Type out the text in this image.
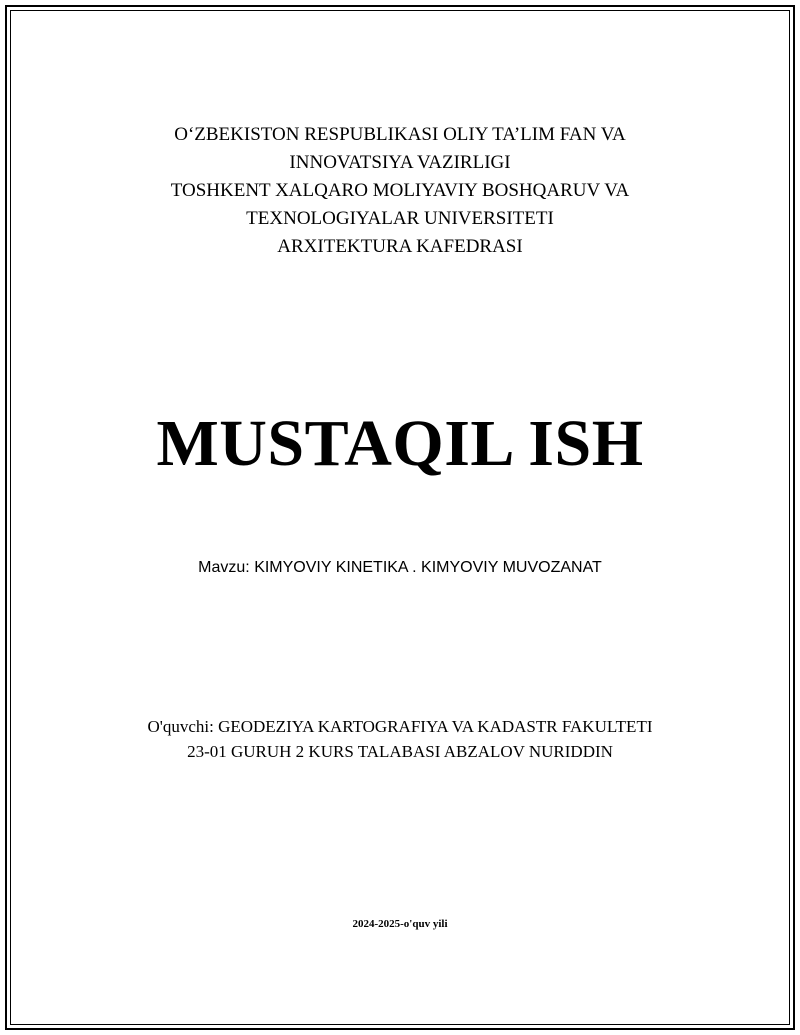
O‘ZBEKISTON RESPUBLIKASI OLIY TA’LIM FAN VA
INNOVATSIYA VAZIRLIGI
TOSHKENT XALQARO MOLIYAVIY BOSHQARUV VA
TEXNOLOGIYALAR UNIVERSITETI
ARXITEKTURA KAFEDRASI
MUSTAQIL ISH
Mavzu: KIMYOVIY KINETIKA . KIMYOVIY MUVOZANAT
O'quvchi: GEODEZIYA KARTOGRAFIYA VA KADASTR FAKULTETI
23-01 GURUH 2 KURS TALABASI ABZALOV NURIDDIN
2024-2025-o'quv yili
